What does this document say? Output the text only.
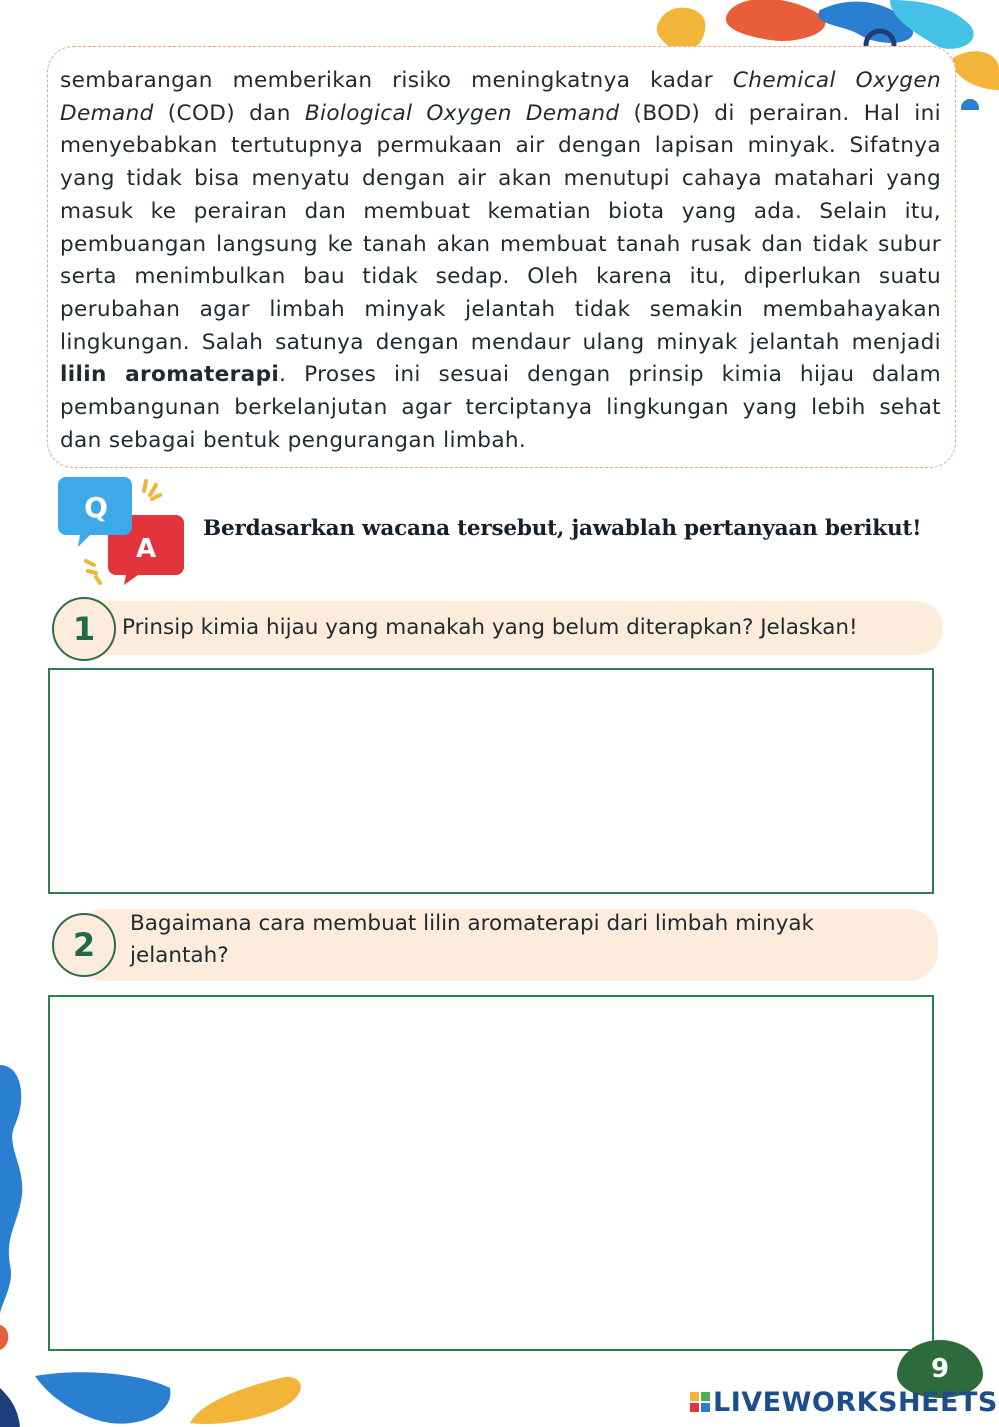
sembarangan memberikan risiko meningkatnya kadar Chemical Oxygen Demand (COD) dan Biological Oxygen Demand (BOD) di perairan. Hal ini menyebabkan tertutupnya permukaan air dengan lapisan minyak. Sifatnya yang tidak bisa menyatu dengan air akan menutupi cahaya matahari yang masuk ke perairan dan membuat kematian biota yang ada. Selain itu, pembuangan langsung ke tanah akan membuat tanah rusak dan tidak subur serta menimbulkan bau tidak sedap. Oleh karena itu, diperlukan suatu perubahan agar limbah minyak jelantah tidak semakin membahayakan lingkungan. Salah satunya dengan mendaur ulang minyak jelantah menjadi lilin aromaterapi. Proses ini sesuai dengan prinsip kimia hijau dalam pembangunan berkelanjutan agar terciptanya lingkungan yang lebih sehat dan sebagai bentuk pengurangan limbah.

Q
A
Berdasarkan wacana tersebut, jawablah pertanyaan berikut!
1	Prinsip kimia hijau yang manakah yang belum diterapkan? Jelaskan!
2
Bagaimana cara membuat lilin aromaterapi dari limbah minyak
jelantah?
9
LIVEWORKSHEETS
